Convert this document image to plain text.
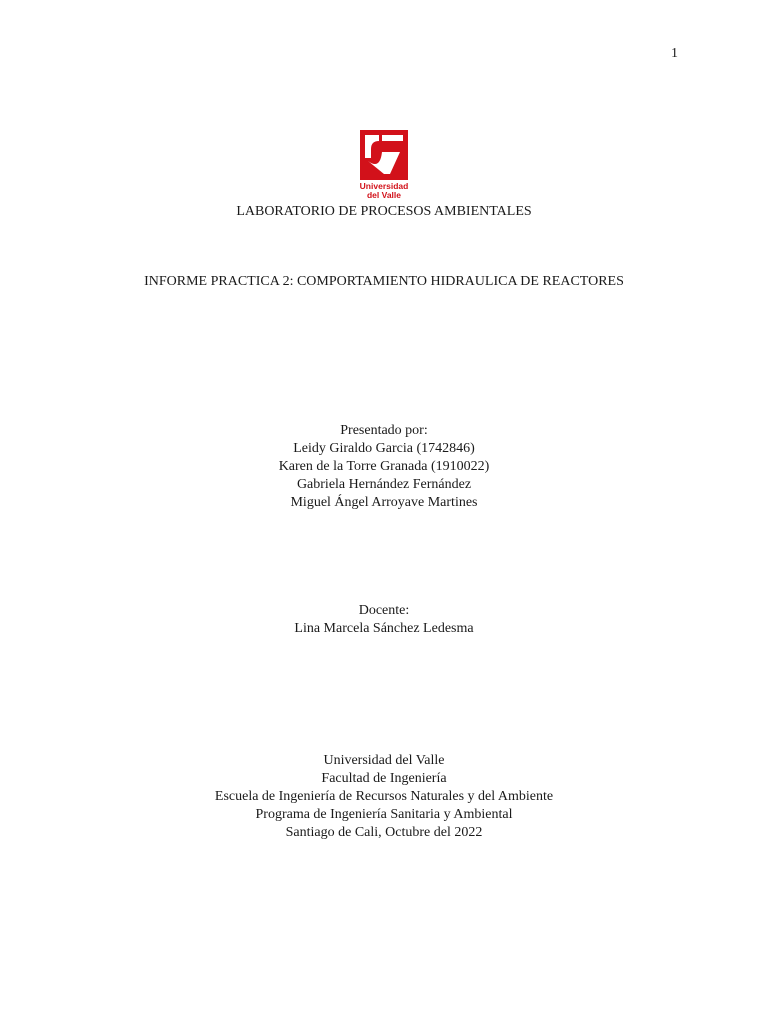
1
Universidad
del Valle
LABORATORIO DE PROCESOS AMBIENTALES
INFORME PRACTICA 2: COMPORTAMIENTO HIDRAULICA DE REACTORES
Presentado por:
Leidy Giraldo Garcia (1742846)
Karen de la Torre Granada (1910022)
Gabriela Hernández Fernández
Miguel Ángel Arroyave Martines
Docente:
Lina Marcela Sánchez Ledesma
Universidad del Valle
Facultad de Ingeniería
Escuela de Ingeniería de Recursos Naturales y del Ambiente
Programa de Ingeniería Sanitaria y Ambiental
Santiago de Cali, Octubre del 2022
